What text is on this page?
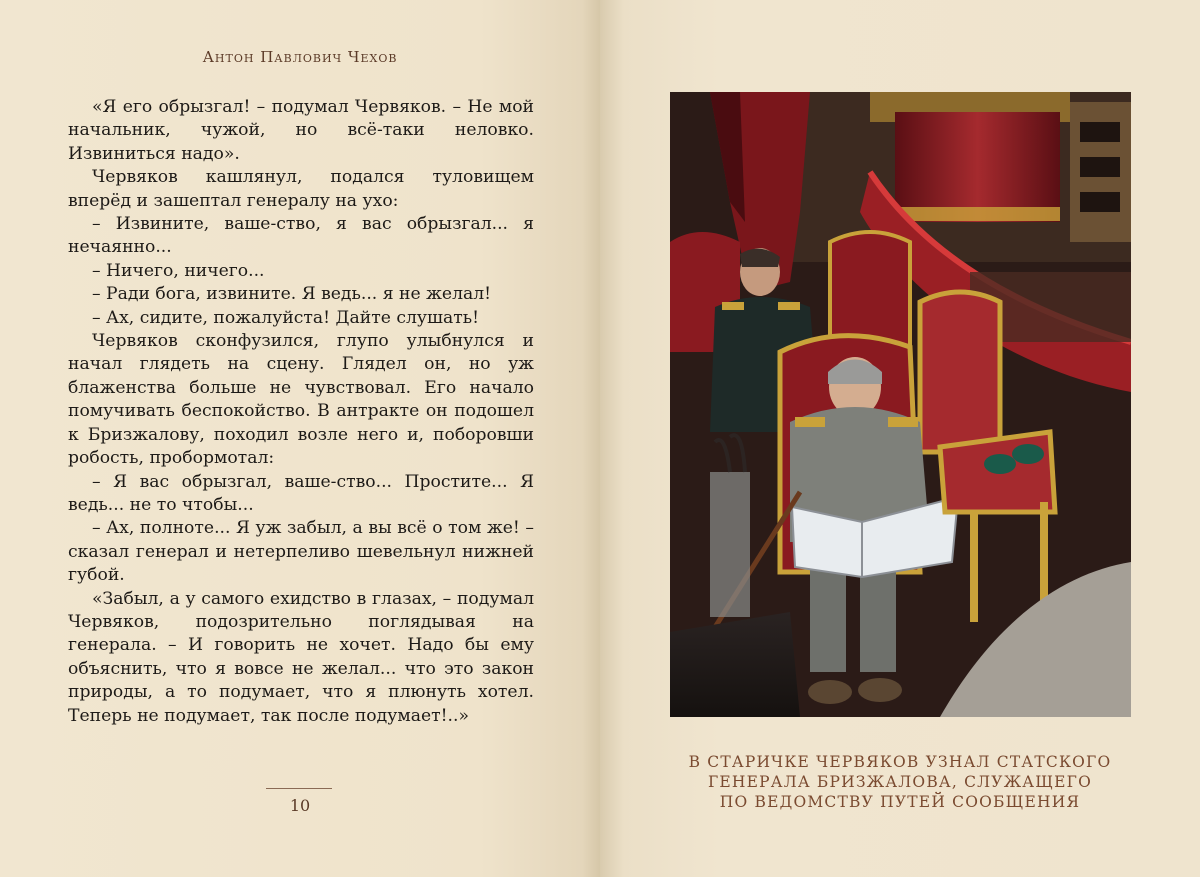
Антон Павлович Чехов

«Я его обрызгал! – подумал Червяков. – Не мой начальник, чужой, но всё-таки неловко. Извиниться надо».

Червяков кашлянул, подался туловищем вперёд и зашептал генералу на ухо:

– Извините, ваше-ство, я вас обрызгал... я нечаянно...

– Ничего, ничего...

– Ради бога, извините. Я ведь... я не желал!

– Ах, сидите, пожалуйста! Дайте слушать!

Червяков сконфузился, глупо улыбнулся и начал глядеть на сцену. Глядел он, но уж блаженства больше не чувствовал. Его начало помучивать беспокойство. В антракте он подошел к Бризжалову, походил возле него и, поборовши робость, пробормотал:

– Я вас обрызгал, ваше-ство... Простите... Я ведь... не то чтобы...

– Ах, полноте... Я уж забыл, а вы всё о том же! – сказал генерал и нетерпеливо шевельнул нижней губой.

«Забыл, а у самого ехидство в глазах, – подумал Червяков, подозрительно поглядывая на генерала. – И говорить не хочет. Надо бы ему объяснить, что я вовсе не желал... что это закон природы, а то подумает, что я плюнуть хотел. Теперь не подумает, так после подумает!..»

10
В СТАРИЧКЕ ЧЕРВЯКОВ УЗНАЛ СТАТСКОГО
ГЕНЕРАЛА БРИЗЖАЛОВА, СЛУЖАЩЕГО
ПО ВЕДОМСТВУ ПУТЕЙ СООБЩЕНИЯ
